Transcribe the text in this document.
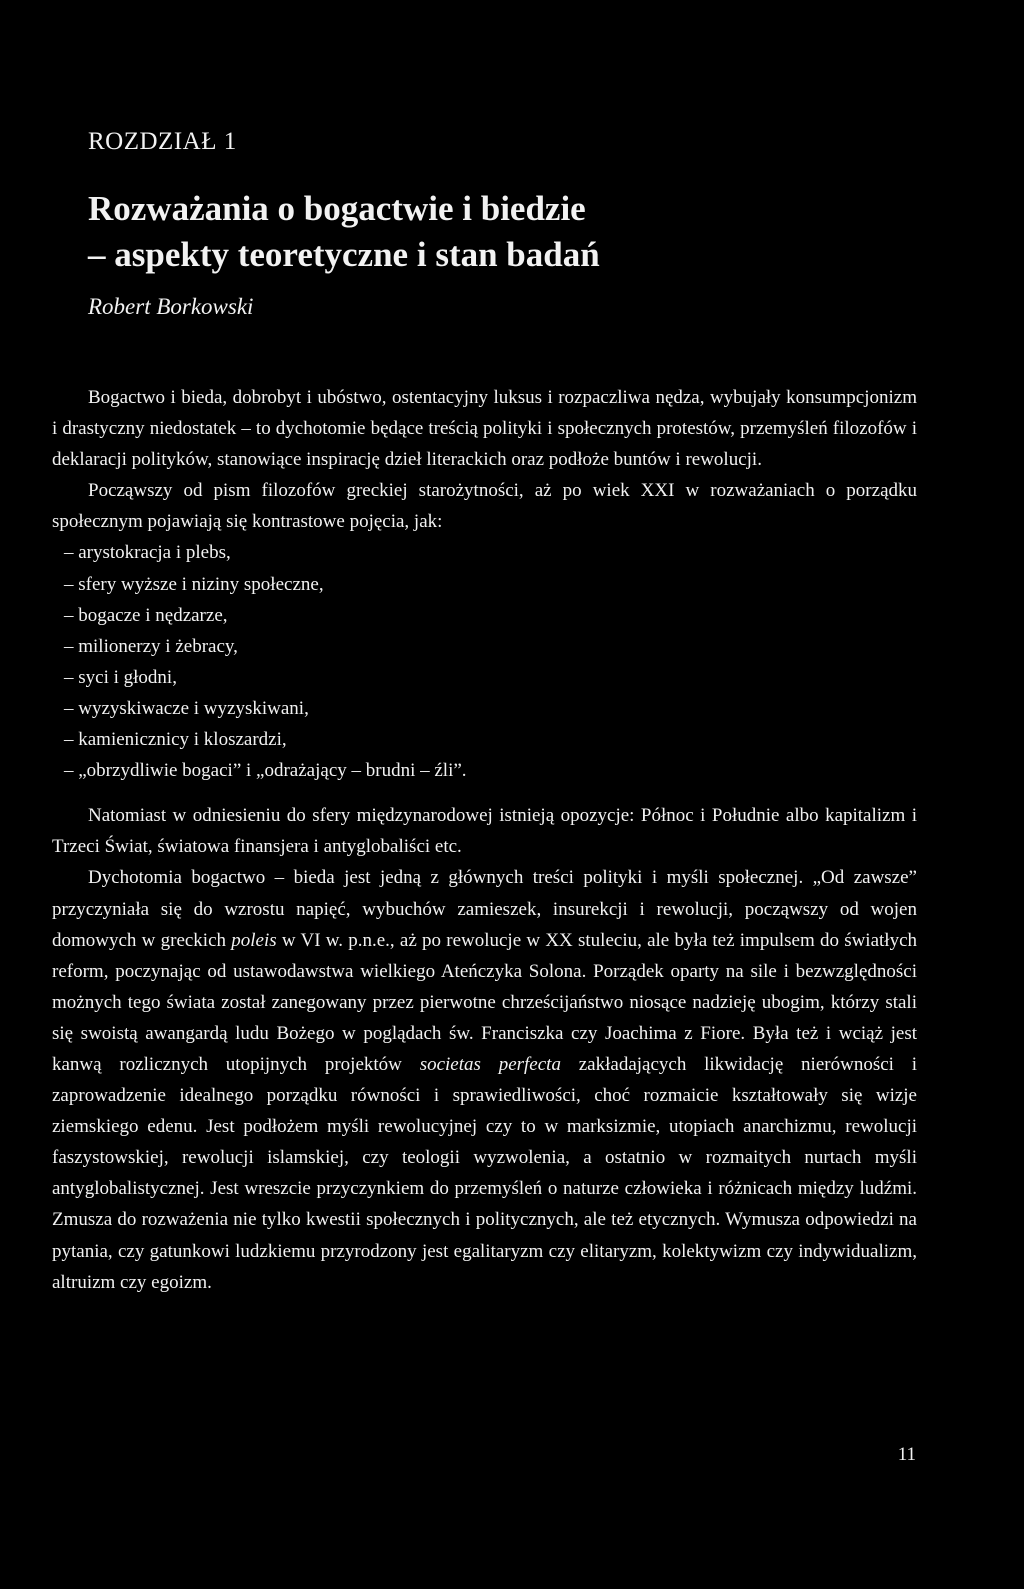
ROZDZIAŁ 1
Rozważania o bogactwie i biedzie
– aspekty teoretyczne i stan badań

Robert Borkowski

Bogactwo i bieda, dobrobyt i ubóstwo, ostentacyjny luksus i rozpaczliwa nędza, wybujały konsumpcjonizm i drastyczny niedostatek – to dychotomie będące treścią polityki i społecznych protestów, przemyśleń filozofów i deklaracji polityków, stanowiące inspirację dzieł literackich oraz podłoże buntów i rewolucji.

Począwszy od pism filozofów greckiej starożytności, aż po wiek XXI w rozważaniach o porządku społecznym pojawiają się kontrastowe pojęcia, jak:

– arystokracja i plebs,
– sfery wyższe i niziny społeczne,
– bogacze i nędzarze,
– milionerzy i żebracy,
– syci i głodni,
– wyzyskiwacze i wyzyskiwani,
– kamienicznicy i kloszardzi,
– „obrzydliwie bogaci” i „odrażający – brudni – źli”.

Natomiast w odniesieniu do sfery międzynarodowej istnieją opozycje: Północ i Południe albo kapitalizm i Trzeci Świat, światowa finansjera i antyglobaliści etc.

Dychotomia bogactwo – bieda jest jedną z głównych treści polityki i myśli społecznej. „Od zawsze” przyczyniała się do wzrostu napięć, wybuchów zamieszek, insurekcji i rewolucji, począwszy od wojen domowych w greckich poleis w VI w. p.n.e., aż po rewolucje w XX stuleciu, ale była też impulsem do światłych reform, poczynając od ustawodawstwa wielkiego Ateńczyka Solona. Porządek oparty na sile i bezwzględności możnych tego świata został zanegowany przez pierwotne chrześcijaństwo niosące nadzieję ubogim, którzy stali się swoistą awangardą ludu Bożego w poglądach św. Franciszka czy Joachima z Fiore. Była też i wciąż jest kanwą rozlicznych utopijnych projektów societas perfecta zakładających likwidację nierówności i zaprowadzenie idealnego porządku równości i sprawiedliwości, choć rozmaicie kształtowały się wizje ziemskiego edenu. Jest podłożem myśli rewolucyjnej czy to w marksizmie, utopiach anarchizmu, rewolucji faszystowskiej, rewolucji islamskiej, czy teologii wyzwolenia, a ostatnio w rozmaitych nurtach myśli antyglobalistycznej. Jest wreszcie przyczynkiem do przemyśleń o naturze człowieka i różnicach między ludźmi. Zmusza do rozważenia nie tylko kwestii społecznych i politycznych, ale też etycznych. Wymusza odpowiedzi na pytania, czy gatunkowi ludzkiemu przyrodzony jest egalitaryzm czy elitaryzm, kolektywizm czy indywidualizm, altruizm czy egoizm.

11
